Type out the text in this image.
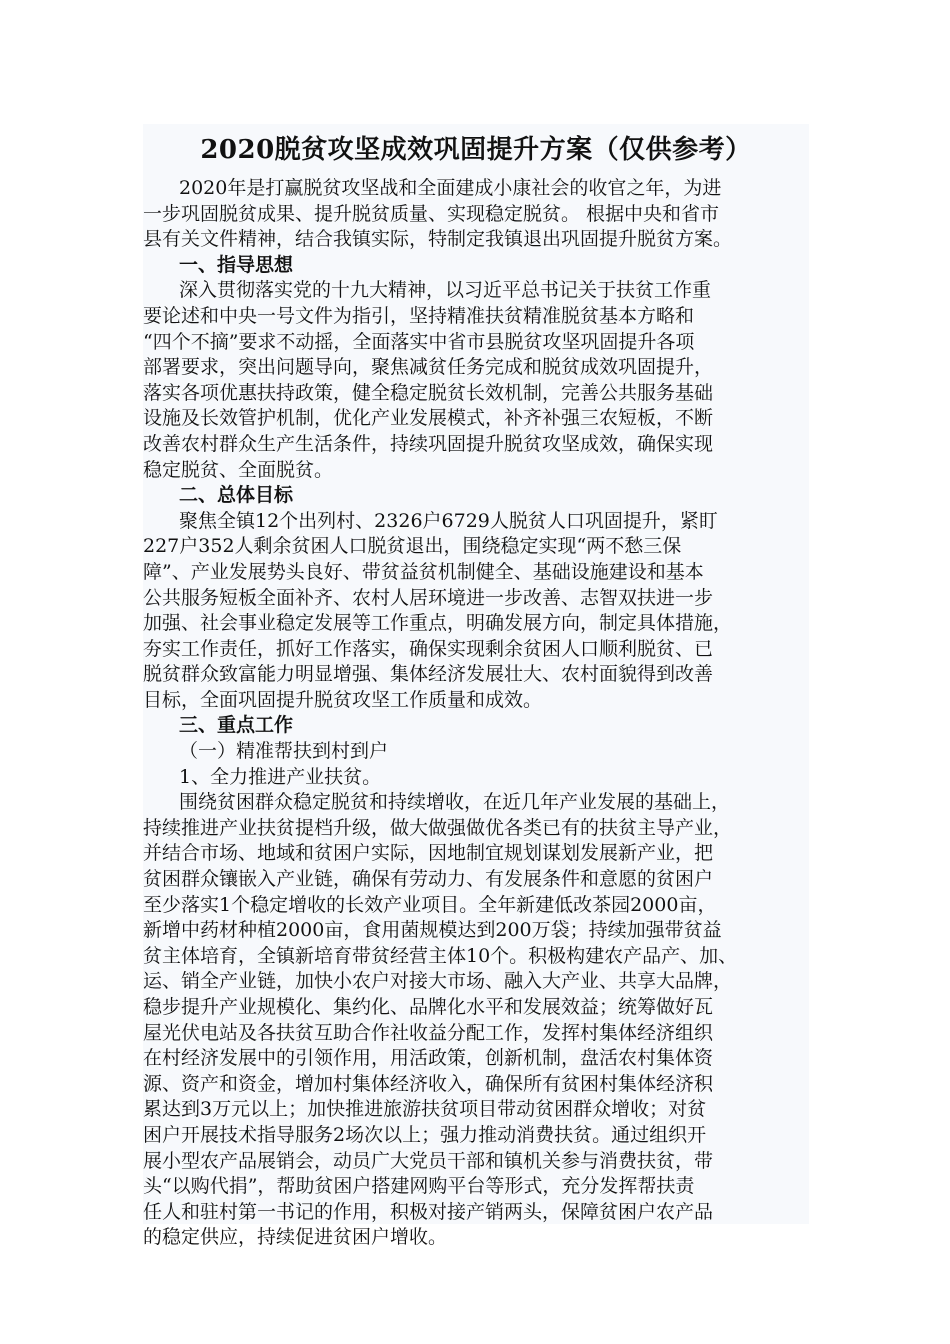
2020脱贫攻坚成效巩固提升方案（仅供参考）
2020年是打赢脱贫攻坚战和全面建成小康社会的收官之年，为进
一步巩固脱贫成果、提升脱贫质量、实现稳定脱贫。 根据中央和省市
县有关文件精神，结合我镇实际，特制定我镇退出巩固提升脱贫方案。
一、指导思想
深入贯彻落实党的十九大精神，以习近平总书记关于扶贫工作重
要论述和中央一号文件为指引，坚持精准扶贫精准脱贫基本方略和
“四个不摘”要求不动摇，全面落实中省市县脱贫攻坚巩固提升各项
部署要求，突出问题导向，聚焦减贫任务完成和脱贫成效巩固提升，
落实各项优惠扶持政策，健全稳定脱贫长效机制，完善公共服务基础
设施及长效管护机制，优化产业发展模式，补齐补强三农短板，不断
改善农村群众生产生活条件，持续巩固提升脱贫攻坚成效，确保实现
稳定脱贫、全面脱贫。
二、总体目标
聚焦全镇12个出列村、2326户6729人脱贫人口巩固提升，紧盯
227户352人剩余贫困人口脱贫退出，围绕稳定实现“两不愁三保
障”、产业发展势头良好、带贫益贫机制健全、基础设施建设和基本
公共服务短板全面补齐、农村人居环境进一步改善、志智双扶进一步
加强、社会事业稳定发展等工作重点，明确发展方向，制定具体措施，
夯实工作责任，抓好工作落实，确保实现剩余贫困人口顺利脱贫、已
脱贫群众致富能力明显增强、集体经济发展壮大、农村面貌得到改善
目标，全面巩固提升脱贫攻坚工作质量和成效。
三、重点工作
（一）精准帮扶到村到户
1、全力推进产业扶贫。
围绕贫困群众稳定脱贫和持续增收，在近几年产业发展的基础上，
持续推进产业扶贫提档升级，做大做强做优各类已有的扶贫主导产业，
并结合市场、地域和贫困户实际，因地制宜规划谋划发展新产业，把
贫困群众镶嵌入产业链，确保有劳动力、有发展条件和意愿的贫困户
至少落实1个稳定增收的长效产业项目。全年新建低改茶园2000亩，
新增中药材种植2000亩，食用菌规模达到200万袋；持续加强带贫益
贫主体培育，全镇新培育带贫经营主体10个。积极构建农产品产、加、
运、销全产业链，加快小农户对接大市场、融入大产业、共享大品牌，
稳步提升产业规模化、集约化、品牌化水平和发展效益；统筹做好瓦
屋光伏电站及各扶贫互助合作社收益分配工作，发挥村集体经济组织
在村经济发展中的引领作用，用活政策，创新机制，盘活农村集体资
源、资产和资金，增加村集体经济收入，确保所有贫困村集体经济积
累达到3万元以上；加快推进旅游扶贫项目带动贫困群众增收；对贫
困户开展技术指导服务2场次以上；强力推动消费扶贫。通过组织开
展小型农产品展销会，动员广大党员干部和镇机关参与消费扶贫，带
头“以购代捐”，帮助贫困户搭建网购平台等形式，充分发挥帮扶责
任人和驻村第一书记的作用，积极对接产销两头，保障贫困户农产品
的稳定供应，持续促进贫困户增收。
